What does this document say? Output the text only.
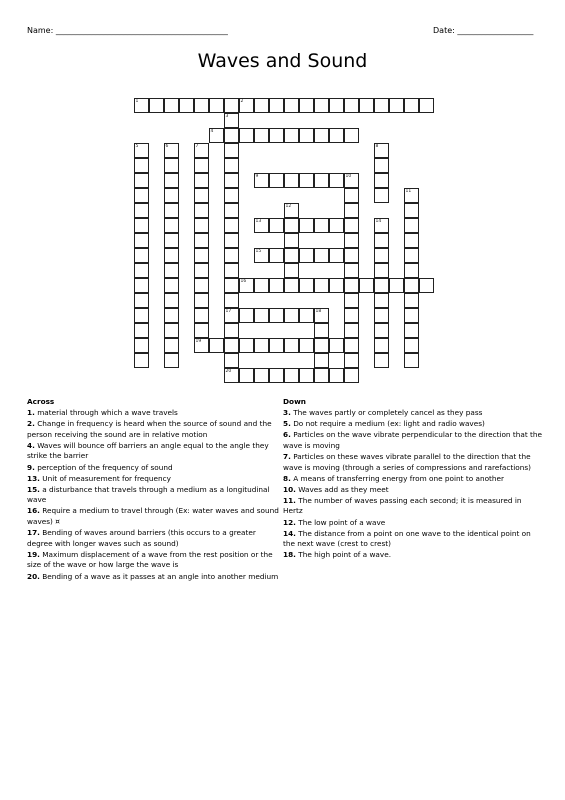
Name: ___________________________________________	Date: ___________________
Waves and Sound
1	2
3
4
5	6	7	8
9	10
11
12
13	14
15
16
17	18
19
20
Across
1. material through which a wave travels
2. Change in frequency is heard when the source of sound and the person receiving the sound are in relative motion
4. Waves will bounce off barriers an angle equal to the angle they strike the barrier
9. perception of the frequency of sound
13. Unit of measurement for frequency
15. a disturbance that travels through a medium as a longitudinal wave
16. Require a medium to travel through (Ex: water waves and sound waves) ¤
17. Bending of waves around barriers (this occurs to a greater degree with longer waves such as sound)
19. Maximum displacement of a wave from the rest position or the size of the wave or how large the wave is
20. Bending of a wave as it passes at an angle into another medium
Down
3. The waves partly or completely cancel as they pass
5. Do not require a medium (ex: light and radio waves)
6. Particles on the wave vibrate perpendicular to the direction that the wave is moving
7. Particles on these waves vibrate parallel to the direction that the wave is moving (through a series of compressions and rarefactions)
8. A means of transferring energy from one point to another
10. Waves add as they meet
11. The number of waves passing each second; it is measured in Hertz
12. The low point of a wave
14. The distance from a point on one wave to the identical point on the next wave (crest to crest)
18. The high point of a wave.
